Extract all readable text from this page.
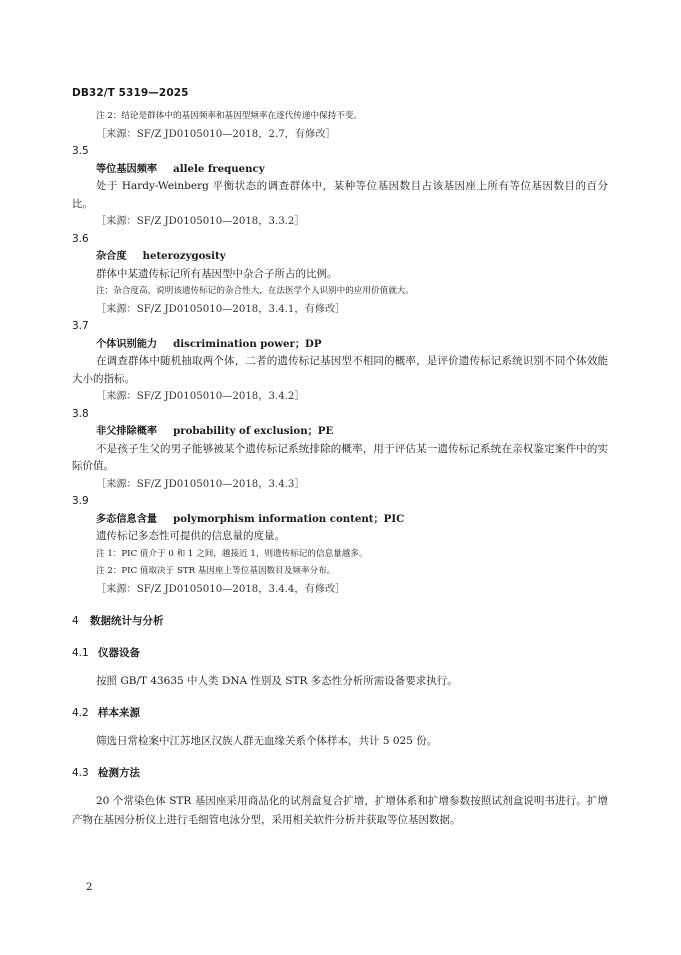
DB32/T 5319—2025
注 2：结论是群体中的基因频率和基因型频率在逐代传递中保持不变。
［来源：SF/Z JD0105010—2018，2.7，有修改］
3.5
等位基因频率 allele frequency
处于 Hardy-Weinberg 平衡状态的调查群体中，某种等位基因数目占该基因座上所有等位基因数目的百分比。
［来源：SF/Z JD0105010—2018，3.3.2］
3.6
杂合度 heterozygosity
群体中某遗传标记所有基因型中杂合子所占的比例。
注：杂合度高，说明该遗传标记的杂合性大，在法医学个人识别中的应用价值就大。
［来源：SF/Z JD0105010—2018，3.4.1，有修改］
3.7
个体识别能力 discrimination power；DP
在调查群体中随机抽取两个体，二者的遗传标记基因型不相同的概率，是评价遗传标记系统识别不同个体效能大小的指标。
［来源：SF/Z JD0105010—2018，3.4.2］
3.8
非父排除概率 probability of exclusion；PE
不是孩子生父的男子能够被某个遗传标记系统排除的概率，用于评估某一遗传标记系统在亲权鉴定案件中的实际价值。
［来源：SF/Z JD0105010—2018，3.4.3］
3.9
多态信息含量 polymorphism information content；PIC
遗传标记多态性可提供的信息量的度量。
注 1：PIC 值介于 0 和 1 之间，越接近 1，则遗传标记的信息量越多。
注 2：PIC 值取决于 STR 基因座上等位基因数目及频率分布。
［来源：SF/Z JD0105010—2018，3.4.4，有修改］
4 数据统计与分析
4.1 仪器设备
按照 GB/T 43635 中人类 DNA 性别及 STR 多态性分析所需设备要求执行。
4.2 样本来源
筛选日常检案中江苏地区汉族人群无血缘关系个体样本，共计 5 025 份。
4.3 检测方法
20 个常染色体 STR 基因座采用商品化的试剂盒复合扩增，扩增体系和扩增参数按照试剂盒说明书进行。扩增产物在基因分析仪上进行毛细管电泳分型，采用相关软件分析并获取等位基因数据。
2
